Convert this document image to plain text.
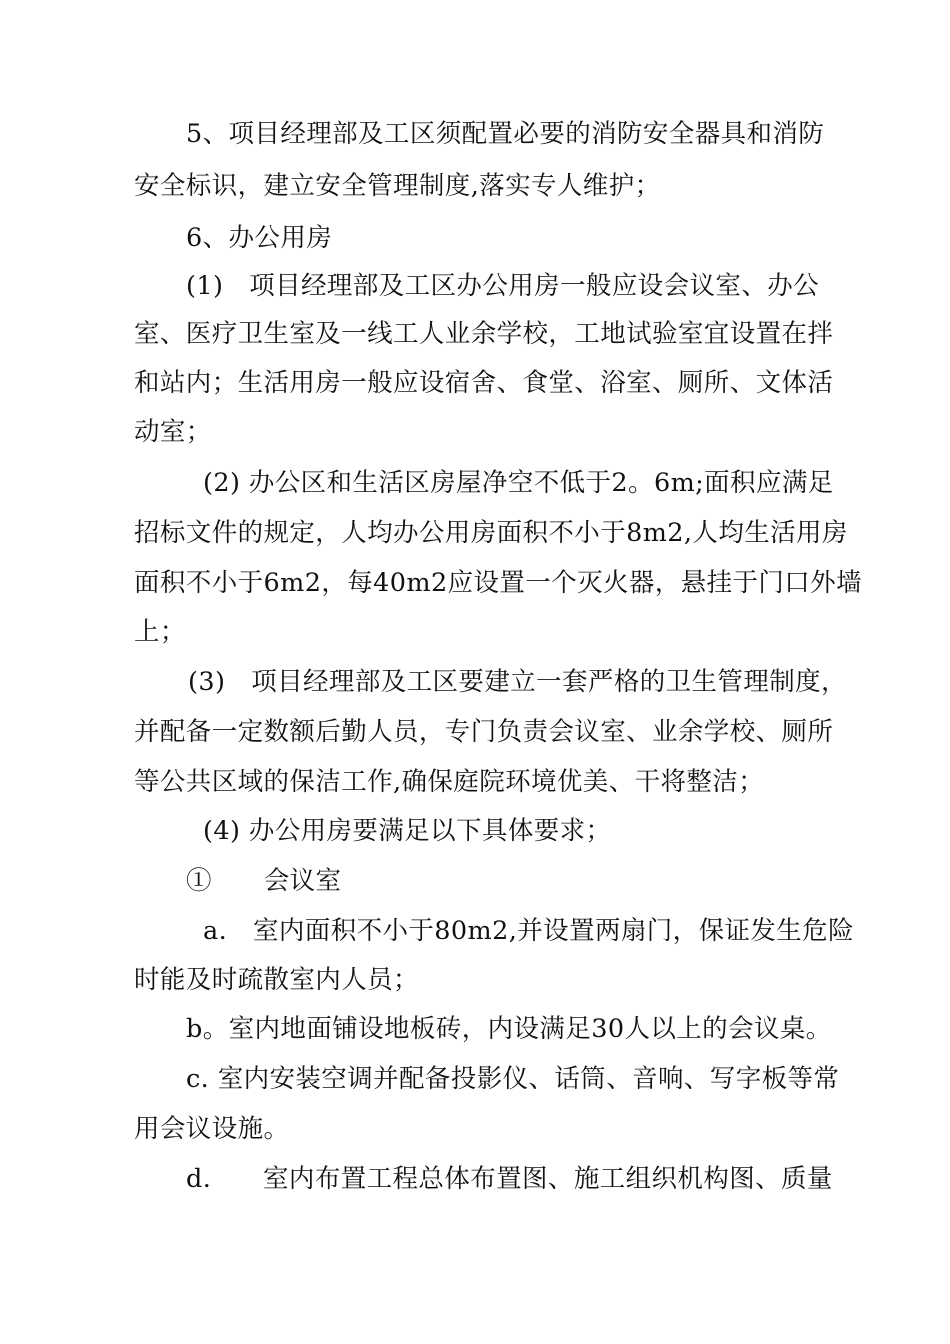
5、项目经理部及工区须配置必要的消防安全器具和消防
安全标识，建立安全管理制度,落实专人维护；
6、办公用房
(1)　项目经理部及工区办公用房一般应设会议室、办公
室、医疗卫生室及一线工人业余学校，工地试验室宜设置在拌
和站内；生活用房一般应设宿舍、食堂、浴室、厕所、文体活
动室；
(2) 办公区和生活区房屋净空不低于2。6m;面积应满足
招标文件的规定，人均办公用房面积不小于8m2,人均生活用房
面积不小于6m2，每40m2应设置一个灭火器，悬挂于门口外墙
上；
(3)　项目经理部及工区要建立一套严格的卫生管理制度，
并配备一定数额后勤人员，专门负责会议室、业余学校、厕所
等公共区域的保洁工作,确保庭院环境优美、干将整洁；
(4) 办公用房要满足以下具体要求；
①　　会议室
a.　室内面积不小于80m2,并设置两扇门，保证发生危险
时能及时疏散室内人员；
b。室内地面铺设地板砖，内设满足30人以上的会议桌。
c. 室内安装空调并配备投影仪、话筒、音响、写字板等常
用会议设施。
d.　　室内布置工程总体布置图、施工组织机构图、质量
